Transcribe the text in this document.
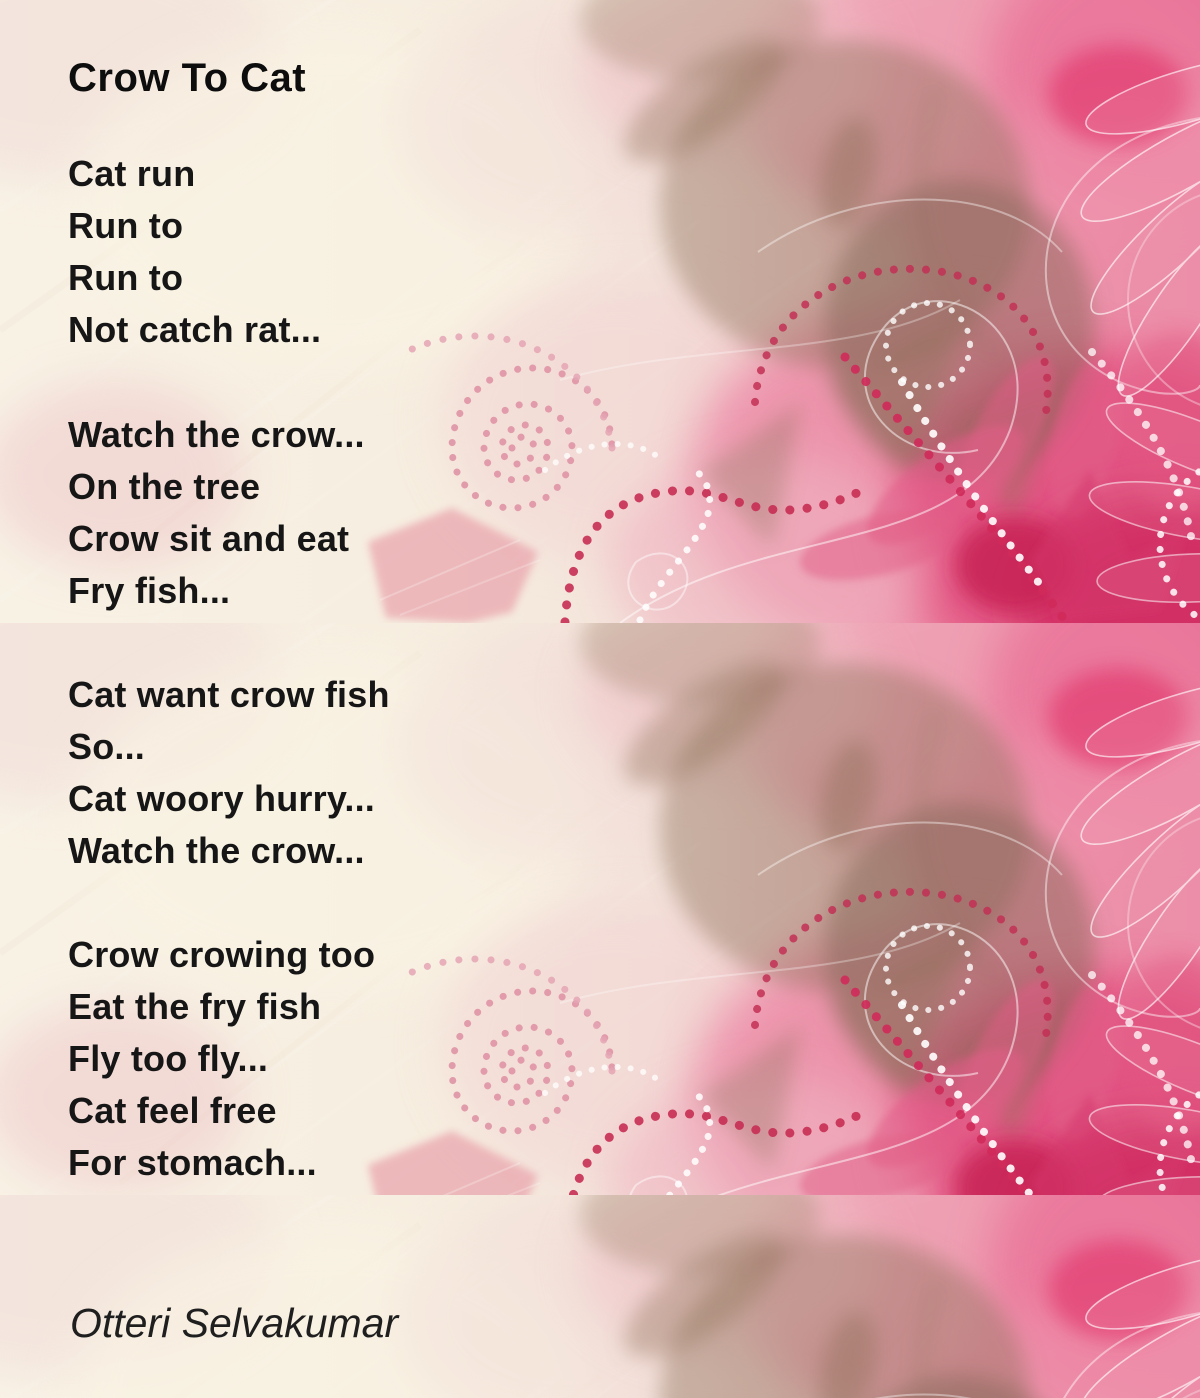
Crow To Cat
Cat run
Run to
Run to
Not catch rat...
Watch the crow...
On the tree
Crow sit and eat
Fry fish...
Cat want crow fish
So...
Cat woory hurry...
Watch the crow...
Crow crowing too
Eat the fry fish
Fly too fly...
Cat feel free
For stomach...
Otteri Selvakumar
